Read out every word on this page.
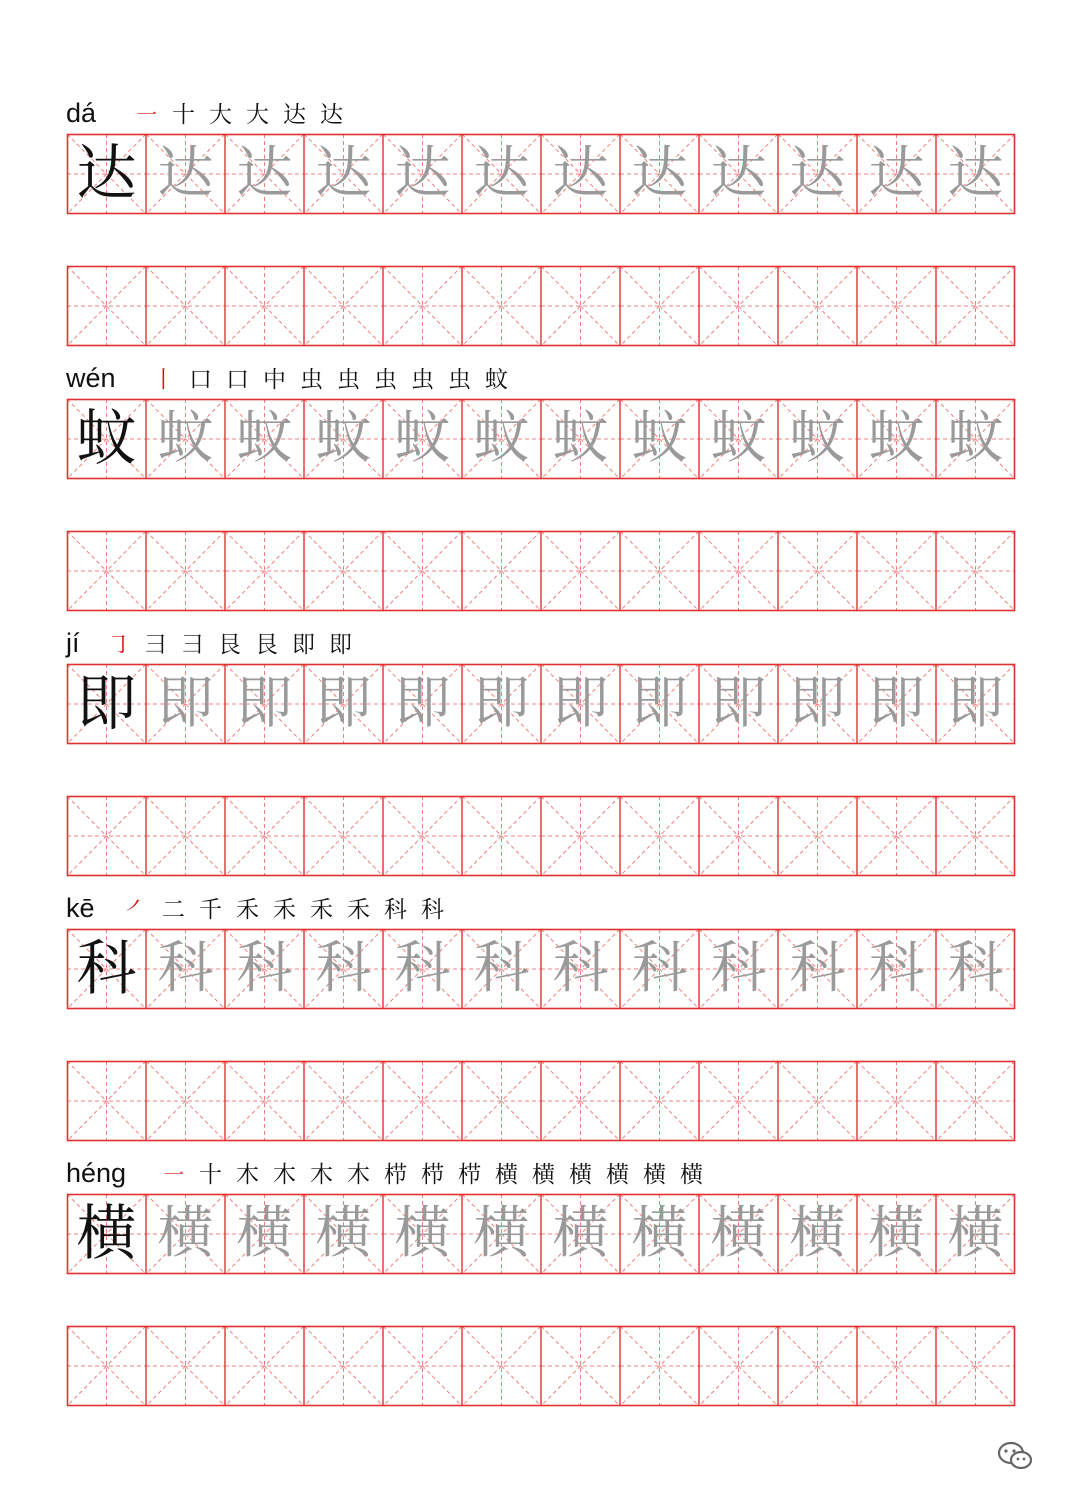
dá	㇐ 十 大 大 达 达
达 达 达 达 达 达 达 达 达 达 达 达
wén	丨 口 口 中 虫 虫 虫 虫 虫 蚊
蚊 蚊 蚊 蚊 蚊 蚊 蚊 蚊 蚊 蚊 蚊 蚊
jí	㇆ 彐 彐 艮 艮 即 即
即 即 即 即 即 即 即 即 即 即 即 即
kē	㇒ 二 千 禾 禾 禾 禾 科 科
科 科 科 科 科 科 科 科 科 科 科 科
héng	㇐ 十 木 木 木 木 栉 栉 栉 横 横 横 横 横 横
横 横 横 横 横 横 横 横 横 横 横 横
